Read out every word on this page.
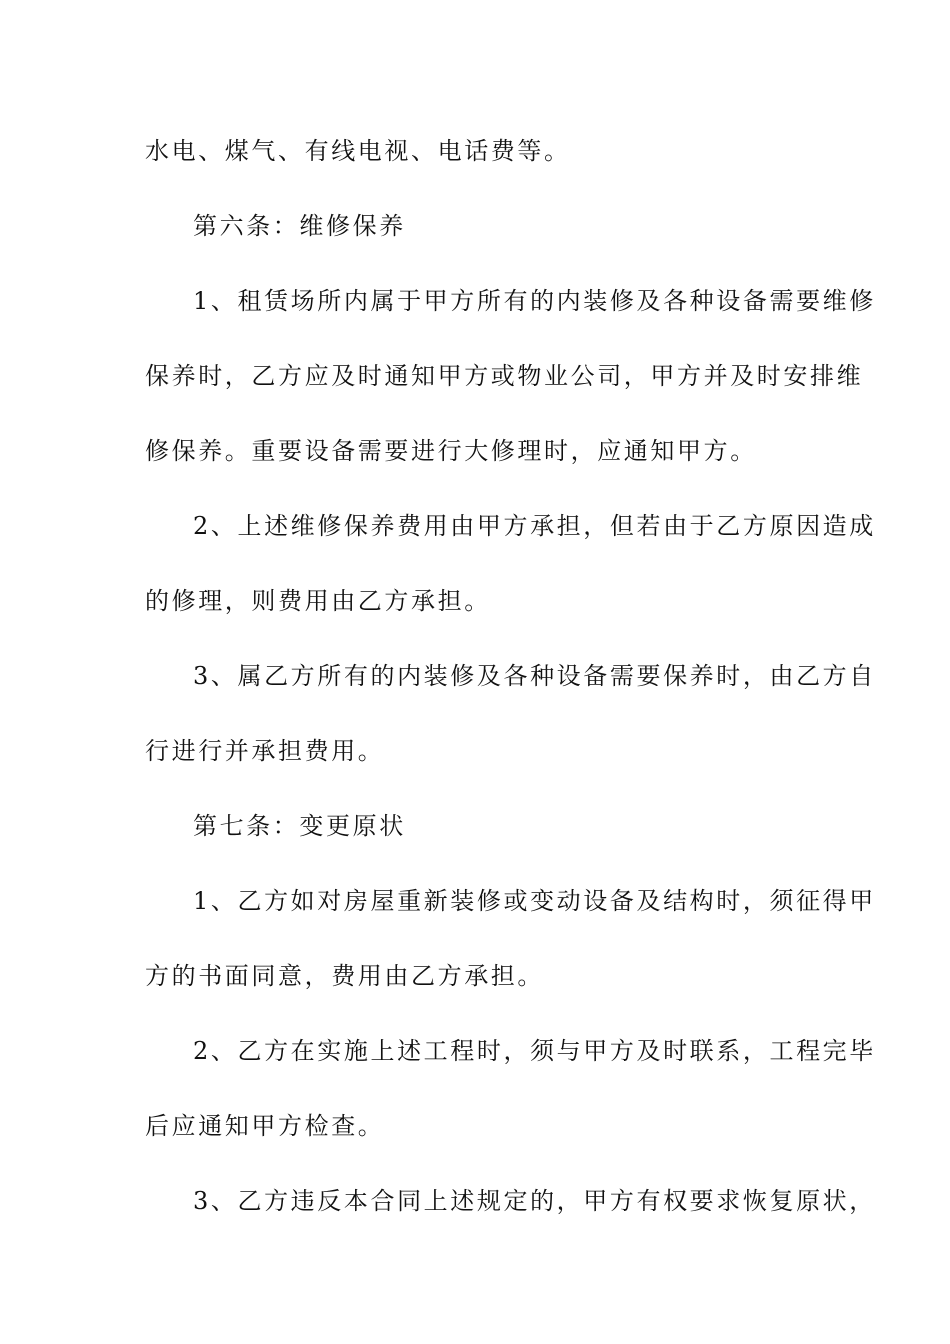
水电、煤气、有线电视、电话费等。
第六条：维修保养
1、租赁场所内属于甲方所有的内装修及各种设备需要维修
保养时，乙方应及时通知甲方或物业公司，甲方并及时安排维
修保养。重要设备需要进行大修理时，应通知甲方。
2、上述维修保养费用由甲方承担，但若由于乙方原因造成
的修理，则费用由乙方承担。
3、属乙方所有的内装修及各种设备需要保养时，由乙方自
行进行并承担费用。
第七条：变更原状
1、乙方如对房屋重新装修或变动设备及结构时，须征得甲
方的书面同意，费用由乙方承担。
2、乙方在实施上述工程时，须与甲方及时联系，工程完毕
后应通知甲方检查。
3、乙方违反本合同上述规定的，甲方有权要求恢复原状，
